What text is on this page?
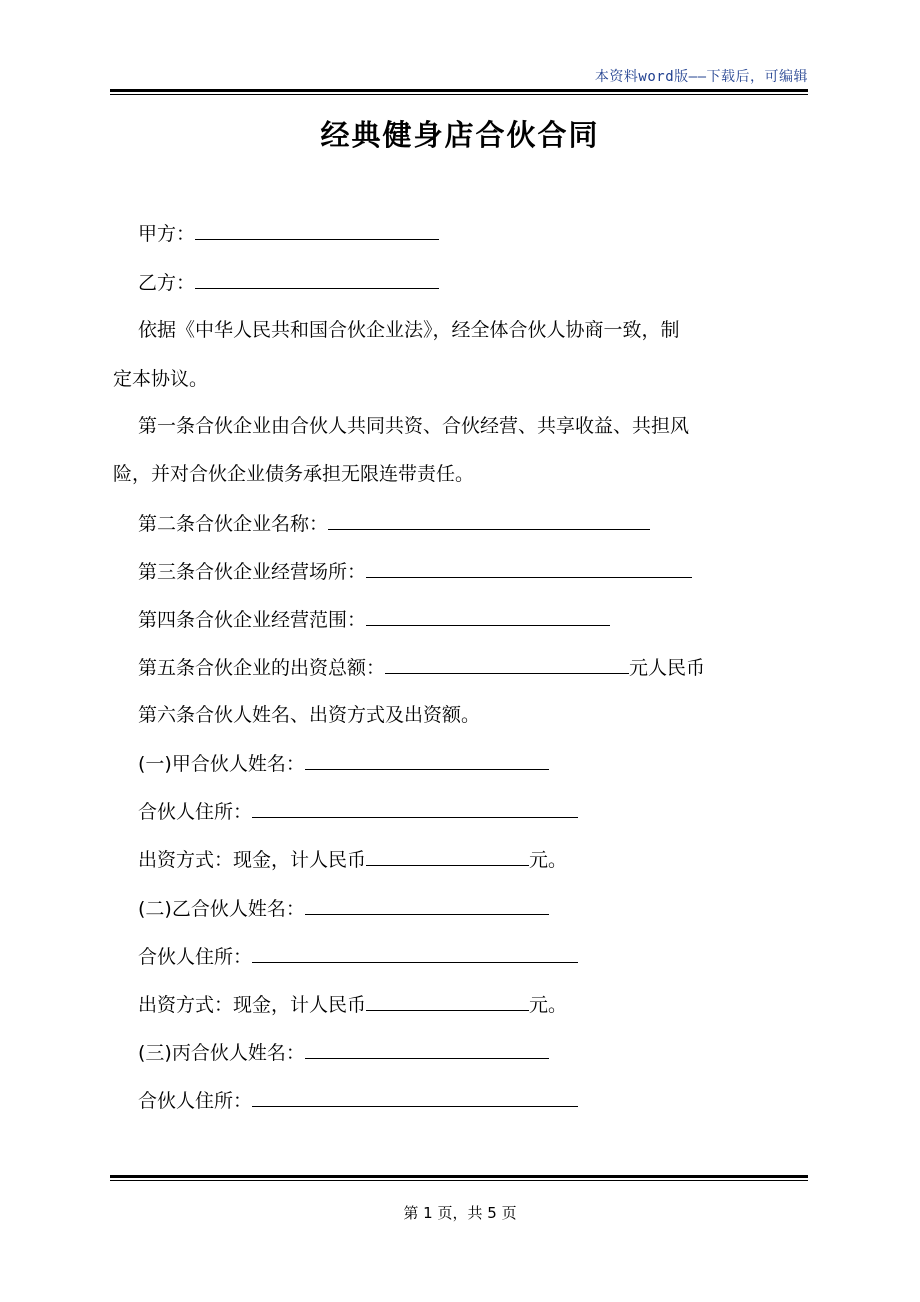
本资料word版——下载后，可编辑
经典健身店合伙合同
甲方：
乙方：
依据《中华人民共和国合伙企业法》，经全体合伙人协商一致，制
定本协议。
第一条合伙企业由合伙人共同共资、合伙经营、共享收益、共担风
险，并对合伙企业债务承担无限连带责任。
第二条合伙企业名称：
第三条合伙企业经营场所：
第四条合伙企业经营范围：
第五条合伙企业的出资总额：	元人民币
第六条合伙人姓名、出资方式及出资额。
(一)甲合伙人姓名：
合伙人住所：
出资方式：现金，计人民币	元。
(二)乙合伙人姓名：
合伙人住所：
出资方式：现金，计人民币	元。
(三)丙合伙人姓名：
合伙人住所：
第 1 页，共 5 页
